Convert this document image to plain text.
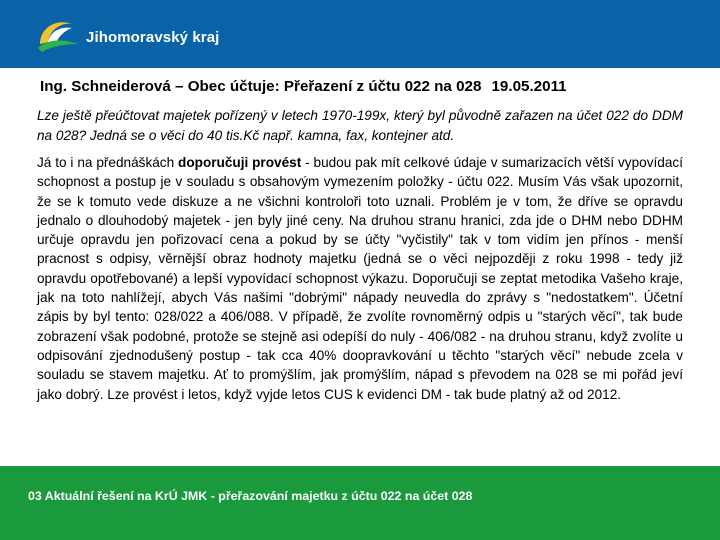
Jihomoravský kraj
Ing. Schneiderová – Obec účtuje: Přeřazení z účtu 022 na 028 19.05.2011
Lze ještě přeúčtovat majetek pořízený v letech 1970-199x, který byl původně zařazen na účet 022 do DDM na 028? Jedná se o věci do 40 tis.Kč např. kamna, fax, kontejner atd.
Já to i na přednáškách doporučuji provést - budou pak mít celkové údaje v sumarizacích větší vypovídací schopnost a postup je v souladu s obsahovým vymezením položky - účtu 022. Musím Vás však upozornit, že se k tomuto vede diskuze a ne všichni kontroloři toto uznali. Problém je v tom, že dříve se opravdu jednalo o dlouhodobý majetek - jen byly jiné ceny. Na druhou stranu hranici, zda jde o DHM nebo DDHM určuje opravdu jen pořizovací cena a pokud by se účty "vyčistily" tak v tom vidím jen přínos - menší pracnost s odpisy, věrnější obraz hodnoty majetku (jedná se o věci nejpozději z roku 1998 - tedy již opravdu opotřebované) a lepší vypovídací schopnost výkazu. Doporučuji se zeptat metodika Vašeho kraje, jak na toto nahlížejí, abych Vás našimi "dobrými" nápady neuvedla do zprávy s "nedostatkem". Účetní zápis by byl tento: 028/022 a 406/088. V případě, že zvolíte rovnoměrný odpis u "starých věcí", tak bude zobrazení však podobné, protože se stejně asi odepíší do nuly - 406/082 - na druhou stranu, když zvolíte u odpisování zjednodušený postup - tak cca 40% doopravkování u těchto "starých věcí" nebude zcela v souladu se stavem majetku. Ať to promýšlím, jak promýšlím, nápad s převodem na 028 se mi pořád jeví jako dobrý. Lze provést i letos, když vyjde letos CUS k evidenci DM - tak bude platný až od 2012.
03 Aktuální řešení na KrÚ JMK - přeřazování majetku z účtu 022 na účet 028
